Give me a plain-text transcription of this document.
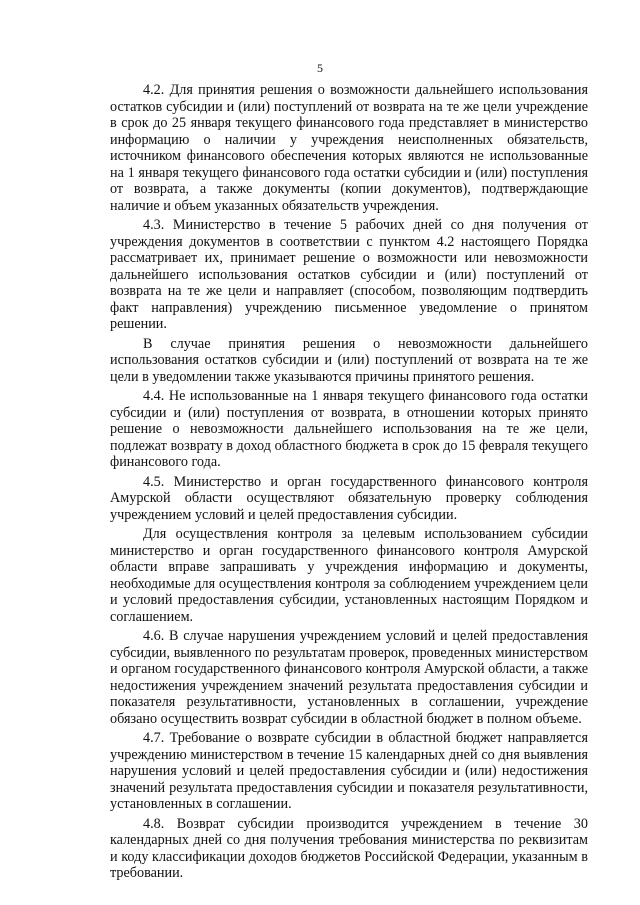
5

4.2. Для принятия решения о возможности дальнейшего использования остатков субсидии и (или) поступлений от возврата на те же цели учреждение в срок до 25 января текущего финансового года представляет в министерство информацию о наличии у учреждения неисполненных обязательств, источником финансового обеспечения которых являются не использованные на 1 января текущего финансового года остатки субсидии и (или) поступления от возврата, а также документы (копии документов), подтверждающие наличие и объем указанных обязательств учреждения.

4.3. Министерство в течение 5 рабочих дней со дня получения от учреждения документов в соответствии с пунктом 4.2 настоящего Порядка рассматривает их, принимает решение о возможности или невозможности дальнейшего использования остатков субсидии и (или) поступлений от возврата на те же цели и направляет (способом, позволяющим подтвердить факт направления) учреждению письменное уведомление о принятом решении.

В случае принятия решения о невозможности дальнейшего использования остатков субсидии и (или) поступлений от возврата на те же цели в уведомлении также указываются причины принятого решения.

4.4. Не использованные на 1 января текущего финансового года остатки субсидии и (или) поступления от возврата, в отношении которых принято решение о невозможности дальнейшего использования на те же цели, подлежат возврату в доход областного бюджета в срок до 15 февраля текущего финансового года.

4.5. Министерство и орган государственного финансового контроля Амурской области осуществляют обязательную проверку соблюдения учреждением условий и целей предоставления субсидии.

Для осуществления контроля за целевым использованием субсидии министерство и орган государственного финансового контроля Амурской области вправе запрашивать у учреждения информацию и документы, необходимые для осуществления контроля за соблюдением учреждением цели и условий предоставления субсидии, установленных настоящим Порядком и соглашением.

4.6. В случае нарушения учреждением условий и целей предоставления субсидии, выявленного по результатам проверок, проведенных министерством и органом государственного финансового контроля Амурской области, а также недостижения учреждением значений результата предоставления субсидии и показателя результативности, установленных в соглашении, учреждение обязано осуществить возврат субсидии в областной бюджет в полном объеме.

4.7. Требование о возврате субсидии в областной бюджет направляется учреждению министерством в течение 15 календарных дней со дня выявления нарушения условий и целей предоставления субсидии и (или) недостижения значений результата предоставления субсидии и показателя результативности, установленных в соглашении.

4.8. Возврат субсидии производится учреждением в течение 30 календарных дней со дня получения требования министерства по реквизитам и коду классификации доходов бюджетов Российской Федерации, указанным в требовании.
